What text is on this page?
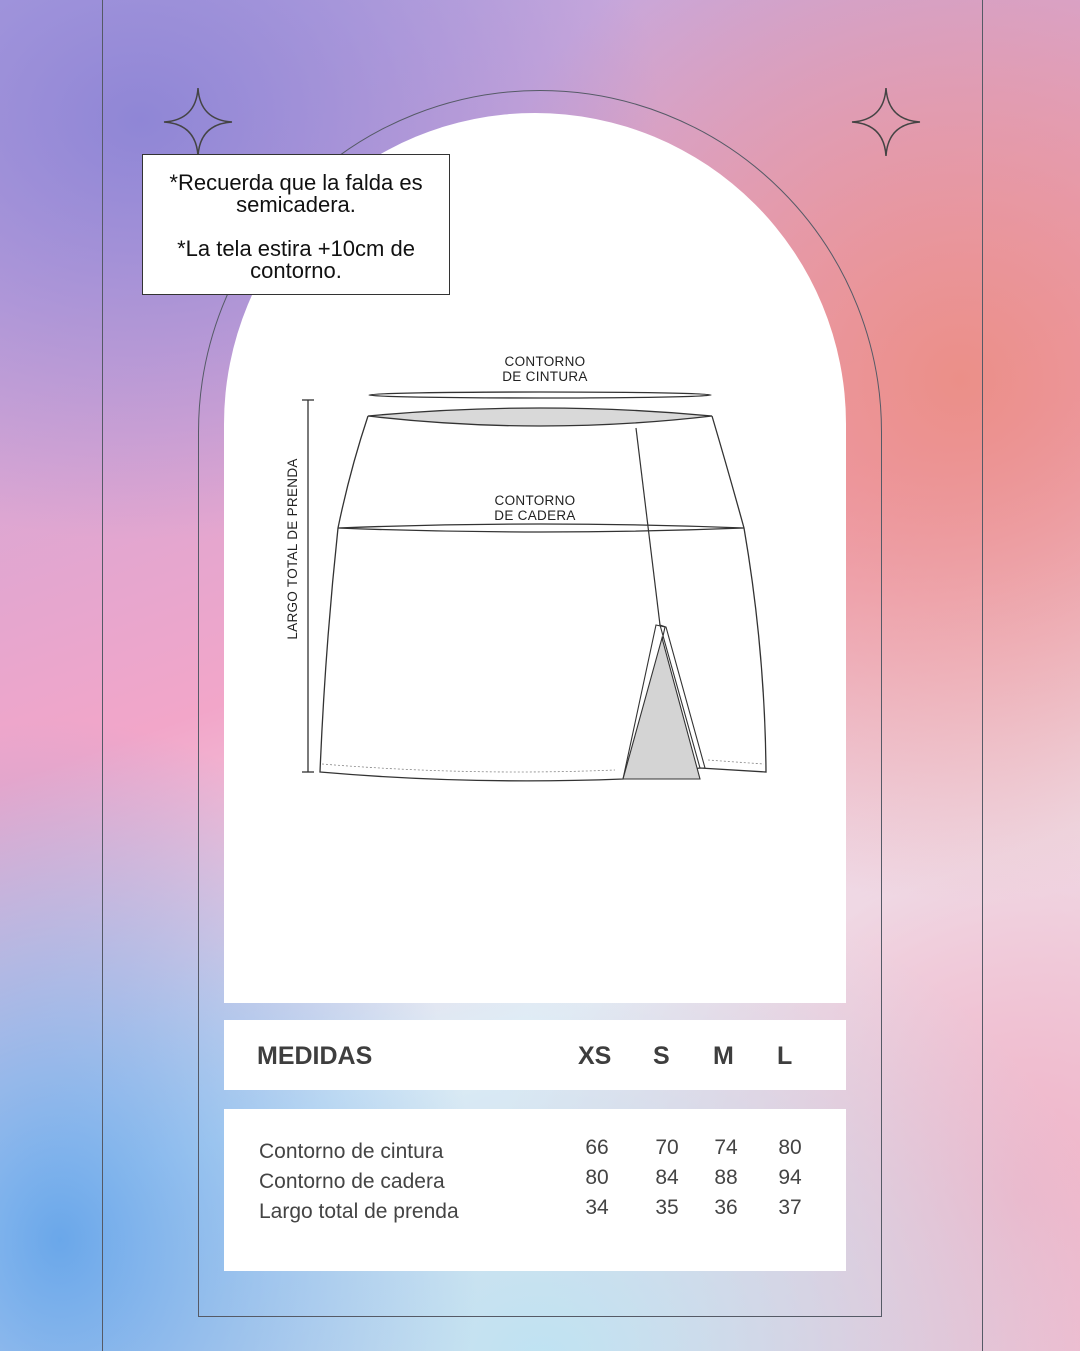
*Recuerda que la falda es semicadera.

*La tela estira +10cm de contorno.

CONTORNO
DE CINTURA
CONTORNO
DE CADERA
LARGO TOTAL DE PRENDA
MEDIDAS	XS S M L
Contorno de cintura	66	70	74	80
Contorno de cadera	80	84	88	94
Largo total de prenda	34	35	36	37
